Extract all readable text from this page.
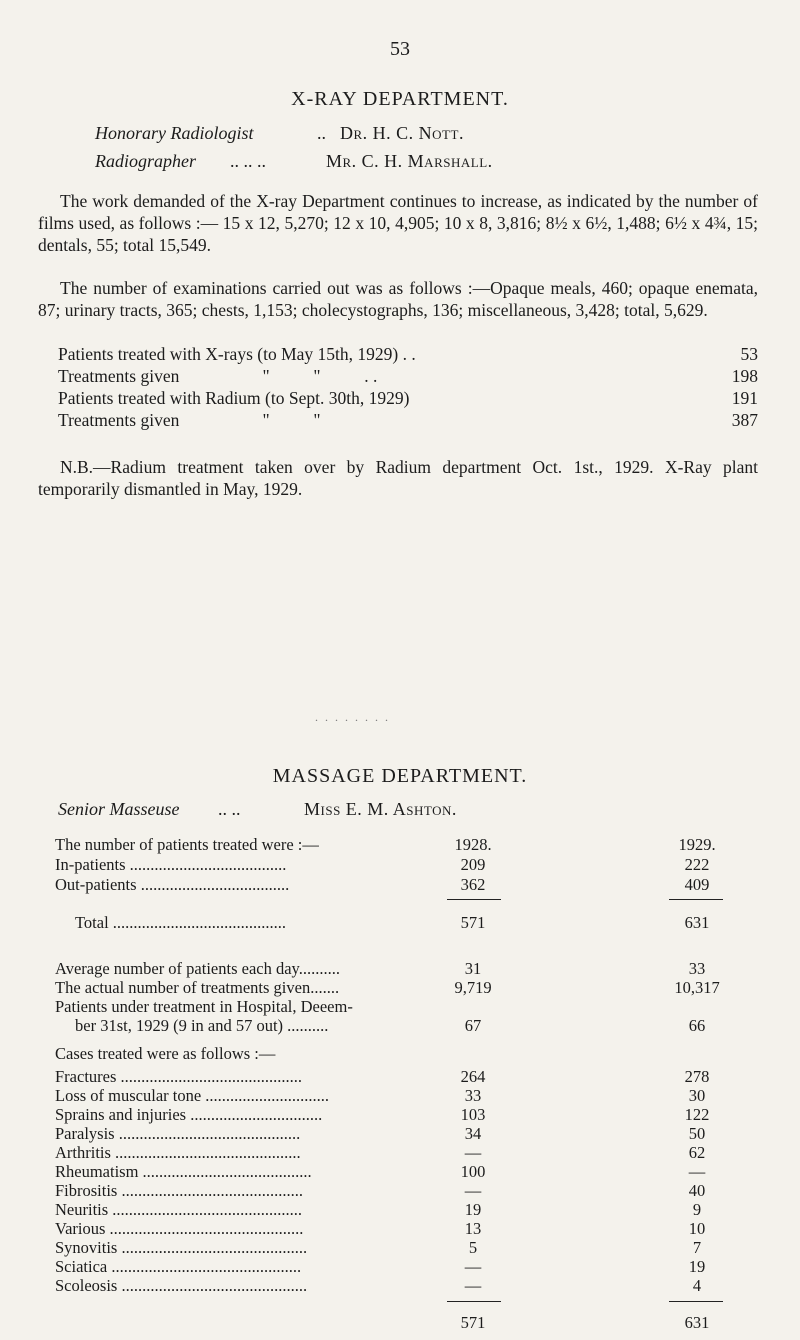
53
X-RAY DEPARTMENT.
Honorary Radiologist	.. Dr. H. C. Nott.
Radiographer	.. .. ..	Mr. C. H. Marshall.
The work demanded of the X-ray Department continues to increase, as indicated by the number of films used, as follows :— 15 x 12, 5,270; 12 x 10, 4,905; 10 x 8, 3,816; 8½ x 6½, 1,488; 6½ x 4¾, 15; dentals, 55; total 15,549.
The number of examinations carried out was as follows :—Opaque meals, 460; opaque enemata, 87; urinary tracts, 365; chests, 1,153; cholecystographs, 136; miscellaneous, 3,428; total, 5,629.
Patients treated with X-rays (to May 15th, 1929) . .	53
Treatments given                   "          "          . .	198
Patients treated with Radium (to Sept. 30th, 1929)	191
Treatments given                   "          "	387
N.B.—Radium treatment taken over by Radium department Oct. 1st., 1929. X-Ray plant temporarily dismantled in May, 1929.
. . . . . . . .
MASSAGE DEPARTMENT.
Senior Masseuse	.. ..	Miss E. M. Ashton.
The number of patients treated were :—	1928.	1929.
In-patients ......................................	209	222
Out-patients ....................................	362	409
Total ..........................................	571	631
Average number of patients each day..........	31	33
The actual number of treatments given.......	9,719	10,317
Patients under treatment in Hospital, Deeem-
ber 31st, 1929 (9 in and 57 out) ..........	67	66
Cases treated were as follows :—
Fractures ............................................	264	278
Loss of muscular tone ..............................	33	30
Sprains and injuries ................................	103	122
Paralysis ............................................	34	50
Arthritis .............................................	—	62
Rheumatism .........................................	100	—
Fibrositis ............................................	—	40
Neuritis ..............................................	19	9
Various ...............................................	13	10
Synovitis .............................................	5	7
Sciatica ..............................................	—	19
Scoleosis .............................................	—	4
571	631
